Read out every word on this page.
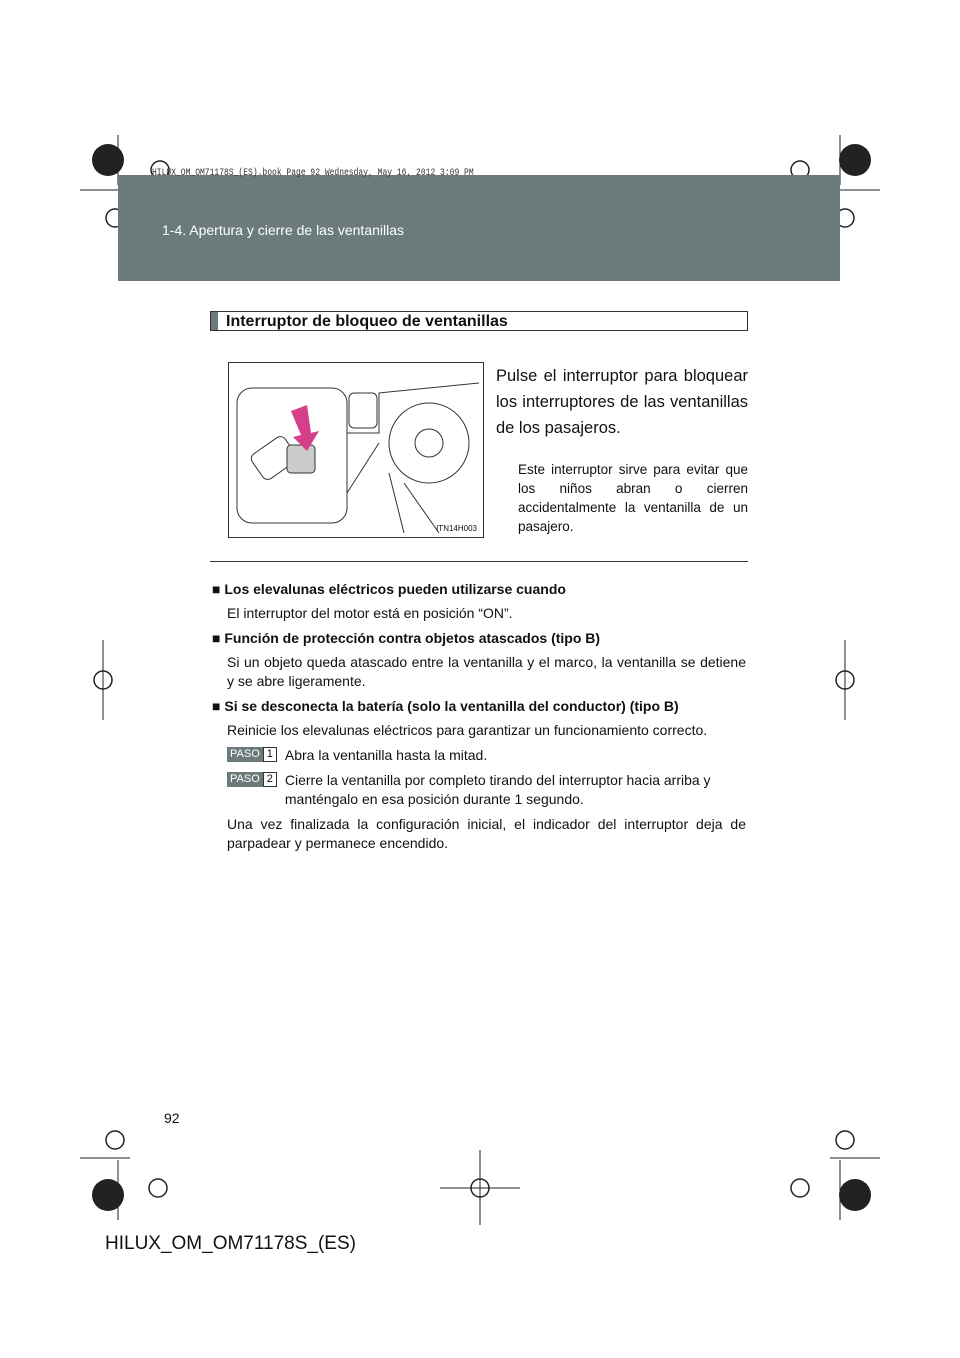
HILUX_OM_OM71178S_(ES).book Page 92 Wednesday, May 16, 2012 3:09 PM
1-4. Apertura y cierre de las ventanillas
Interruptor de bloqueo de ventanillas
ITN14H003
Pulse el interruptor para bloquear los interruptores de las ventanillas de los pasajeros.
Este interruptor sirve para evitar que los niños abran o cierren accidentalmente la ventanilla de un pasajero.
■ Los elevalunas eléctricos pueden utilizarse cuando
El interruptor del motor está en posición “ON”.
■ Función de protección contra objetos atascados (tipo B)
Si un objeto queda atascado entre la ventanilla y el marco, la ventanilla se detiene y se abre ligeramente.
■ Si se desconecta la batería (solo la ventanilla del conductor) (tipo B)
Reinicie los elevalunas eléctricos para garantizar un funcionamiento correcto.
PASO 1 Abra la ventanilla hasta la mitad.
PASO 2 Cierre la ventanilla por completo tirando del interruptor hacia arriba y manténgalo en esa posición durante 1 segundo.
Una vez finalizada la configuración inicial, el indicador del interruptor deja de parpadear y permanece encendido.
92
HILUX_OM_OM71178S_(ES)
